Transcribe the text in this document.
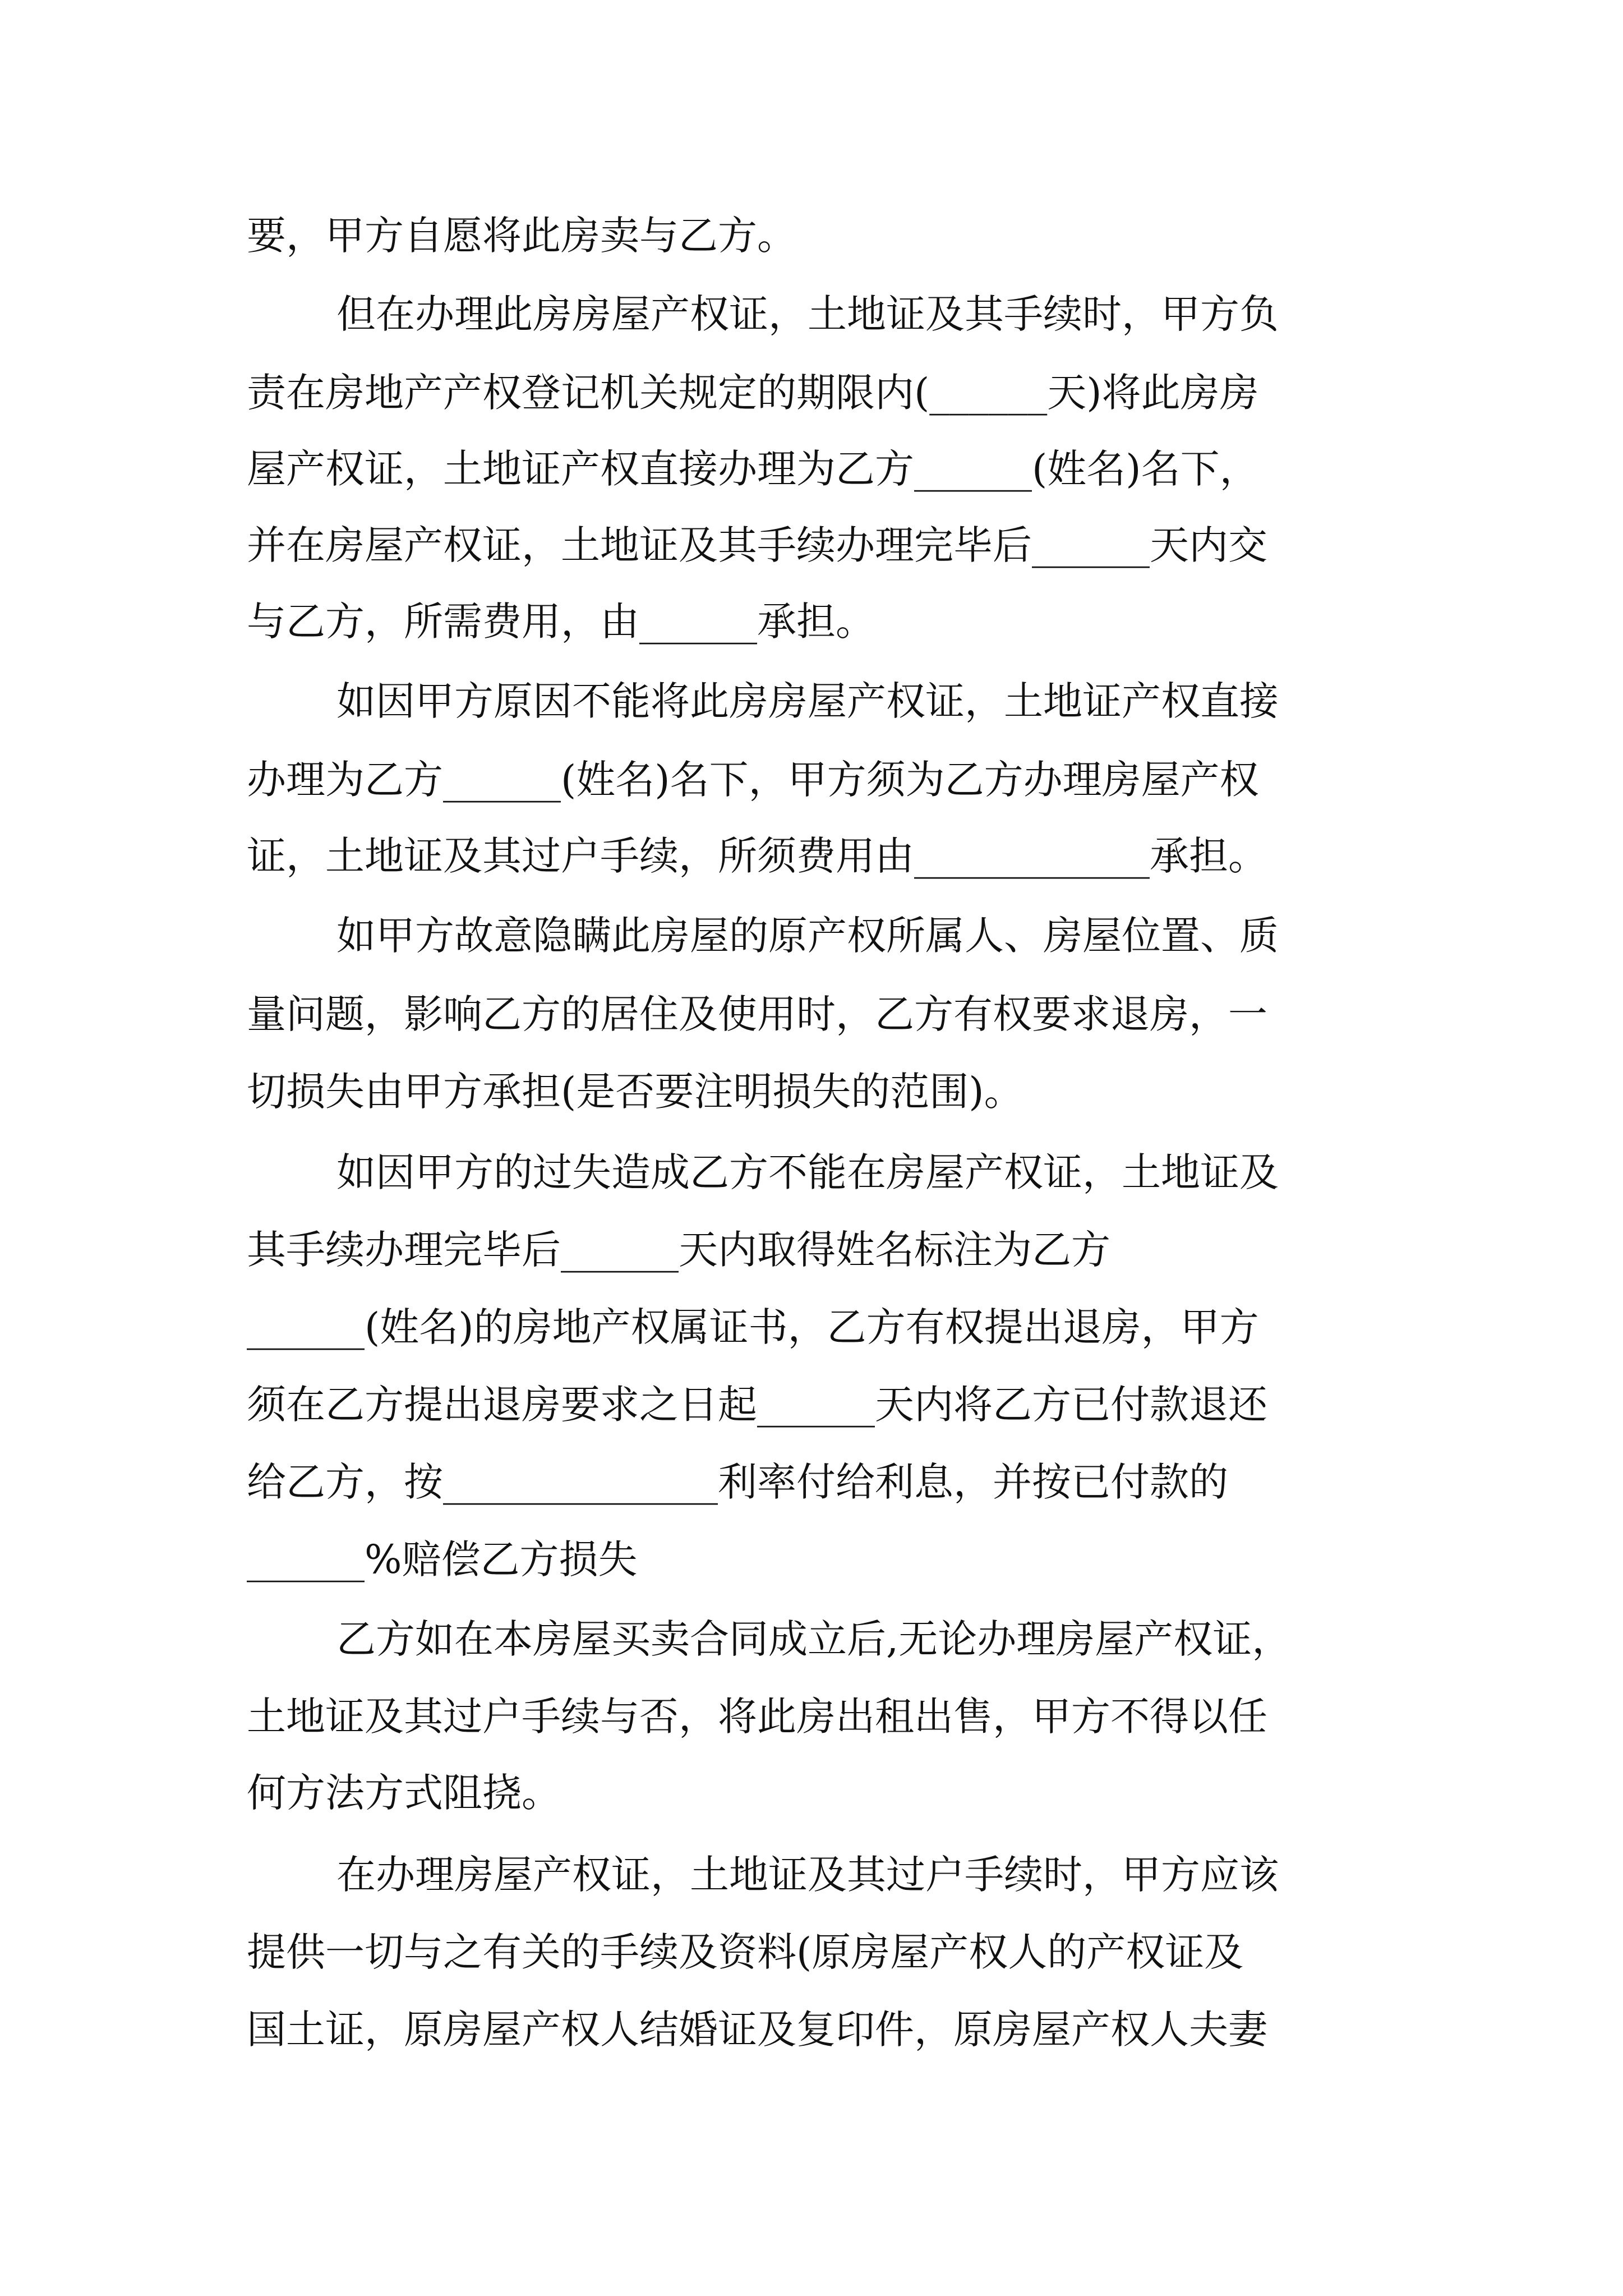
要，甲方自愿将此房卖与乙方。
但在办理此房房屋产权证，土地证及其手续时，甲方负
责在房地产产权登记机关规定的期限内(______天)将此房房
屋产权证，土地证产权直接办理为乙方______(姓名)名下，
并在房屋产权证，土地证及其手续办理完毕后______天内交
与乙方，所需费用，由______承担。
如因甲方原因不能将此房房屋产权证，土地证产权直接
办理为乙方______(姓名)名下，甲方须为乙方办理房屋产权
证，土地证及其过户手续，所须费用由____________承担。
如甲方故意隐瞒此房屋的原产权所属人、房屋位置、质
量问题，影响乙方的居住及使用时，乙方有权要求退房，一
切损失由甲方承担(是否要注明损失的范围)。
如因甲方的过失造成乙方不能在房屋产权证，土地证及
其手续办理完毕后______天内取得姓名标注为乙方
______(姓名)的房地产权属证书，乙方有权提出退房，甲方
须在乙方提出退房要求之日起______天内将乙方已付款退还
给乙方，按______________利率付给利息，并按已付款的
______%赔偿乙方损失
乙方如在本房屋买卖合同成立后,无论办理房屋产权证，
土地证及其过户手续与否，将此房出租出售，甲方不得以任
何方法方式阻挠。
在办理房屋产权证，土地证及其过户手续时，甲方应该
提供一切与之有关的手续及资料(原房屋产权人的产权证及
国土证，原房屋产权人结婚证及复印件，原房屋产权人夫妻
